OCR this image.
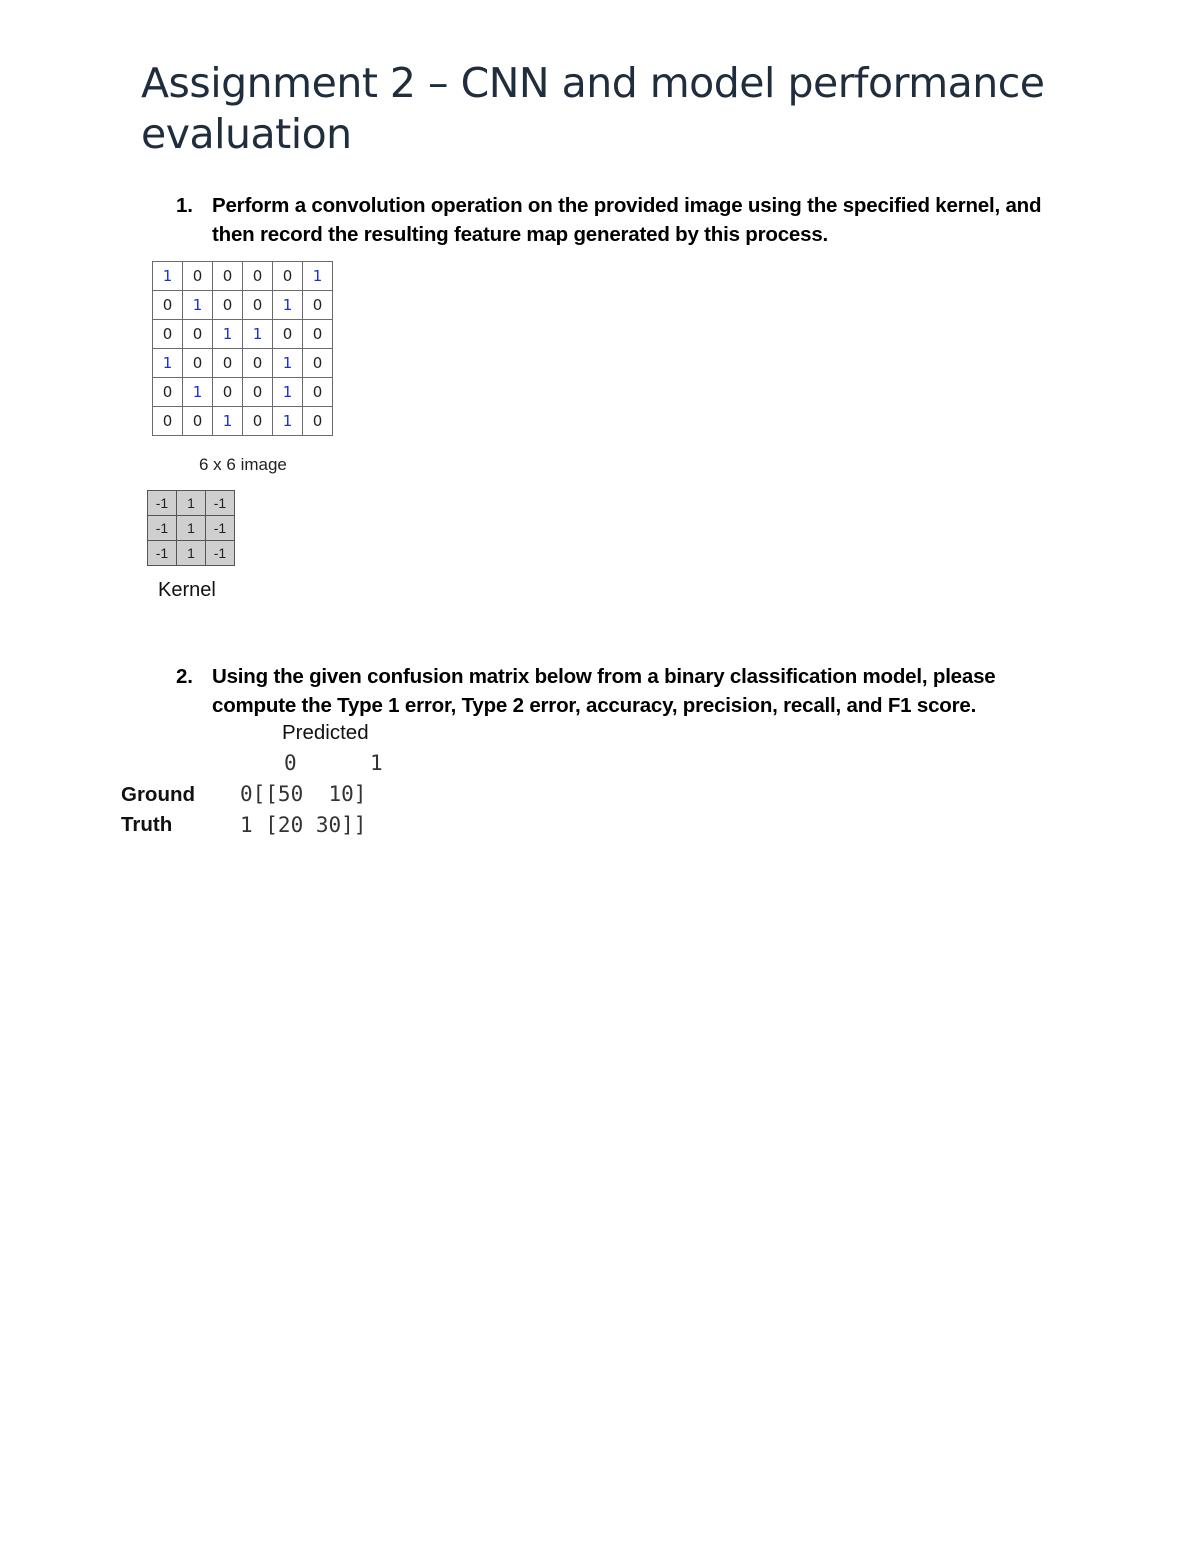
Assignment 2 – CNN and model performance evaluation
1. Perform a convolution operation on the provided image using the specified kernel, and then record the resulting feature map generated by this process.
1	0	0	0	0	1
0	1	0	0	1	0
0	0	1	1	0	0
1	0	0	0	1	0
0	1	0	0	1	0
0	0	1	0	1	0
6 x 6 image
-1	1	-1
-1	1	-1
-1	1	-1
Kernel
2. Using the given confusion matrix below from a binary classification model, please compute the Type 1 error, Type 2 error, accuracy, precision, recall, and F1 score.
Predicted
0	1
Ground
Truth
0[[50  10]
1 [20 30]]
